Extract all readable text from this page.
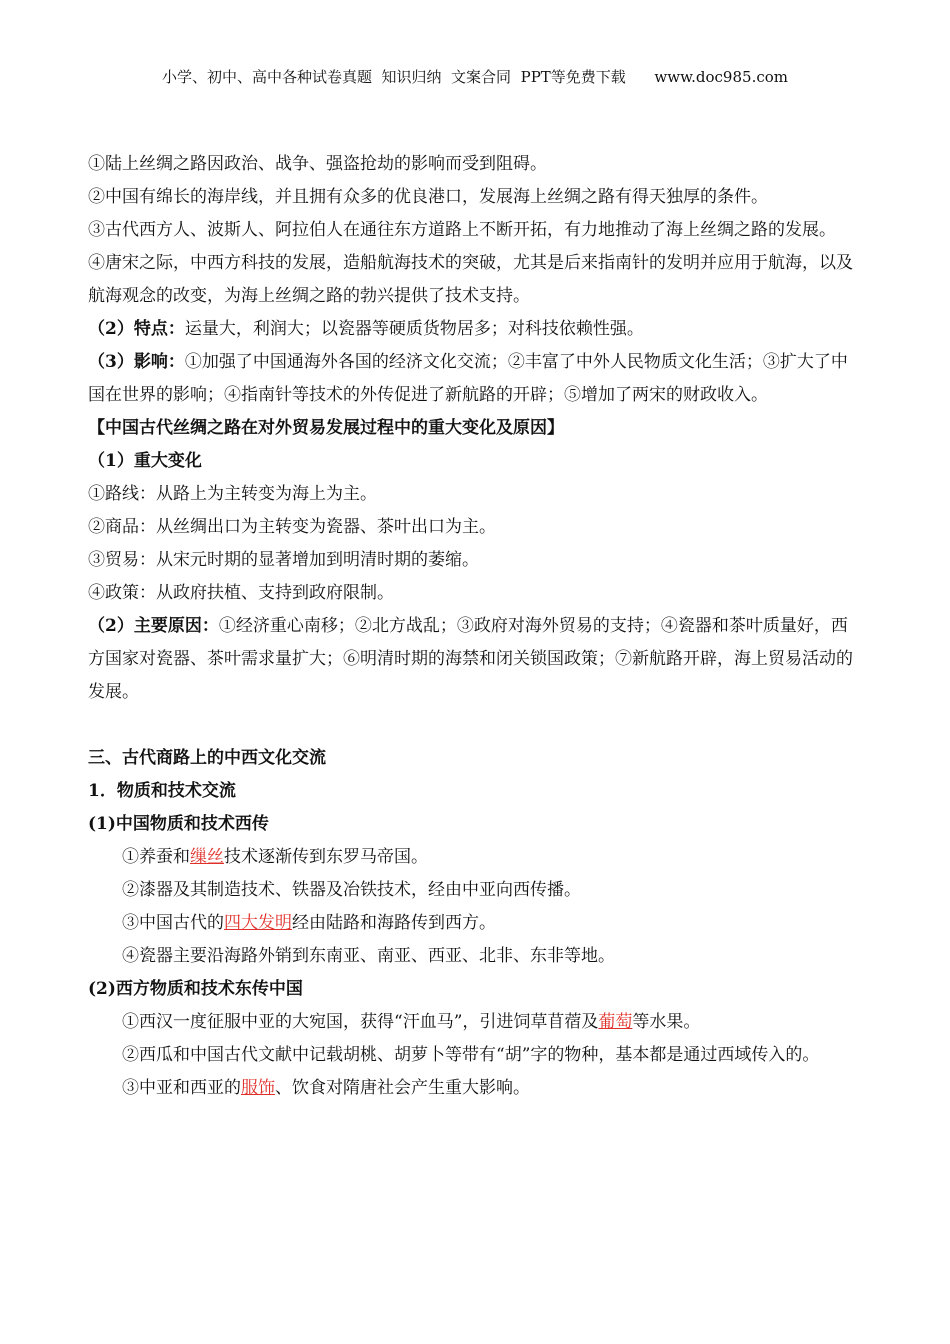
小学、初中、高中各种试卷真题  知识归纳  文案合同  PPT等免费下载      www.doc985.com

①陆上丝绸之路因政治、战争、强盗抢劫的影响而受到阻碍。

②中国有绵长的海岸线，并且拥有众多的优良港口，发展海上丝绸之路有得天独厚的条件。

③古代西方人、波斯人、阿拉伯人在通往东方道路上不断开拓，有力地推动了海上丝绸之路的发展。

④唐宋之际，中西方科技的发展，造船航海技术的突破，尤其是后来指南针的发明并应用于航海，以及航海观念的改变，为海上丝绸之路的勃兴提供了技术支持。

（2）特点：运量大，利润大；以瓷器等硬质货物居多；对科技依赖性强。

（3）影响：①加强了中国通海外各国的经济文化交流；②丰富了中外人民物质文化生活；③扩大了中国在世界的影响；④指南针等技术的外传促进了新航路的开辟；⑤增加了两宋的财政收入。

【中国古代丝绸之路在对外贸易发展过程中的重大变化及原因】

（1）重大变化

①路线：从路上为主转变为海上为主。

②商品：从丝绸出口为主转变为瓷器、茶叶出口为主。

③贸易：从宋元时期的显著增加到明清时期的萎缩。

④政策：从政府扶植、支持到政府限制。

（2）主要原因：①经济重心南移；②北方战乱；③政府对海外贸易的支持；④瓷器和茶叶质量好，西方国家对瓷器、茶叶需求量扩大；⑥明清时期的海禁和闭关锁国政策；⑦新航路开辟，海上贸易活动的发展。

三、古代商路上的中西文化交流

1．物质和技术交流

(1)中国物质和技术西传

①养蚕和缫丝技术逐渐传到东罗马帝国。

②漆器及其制造技术、铁器及冶铁技术，经由中亚向西传播。

③中国古代的四大发明经由陆路和海路传到西方。

④瓷器主要沿海路外销到东南亚、南亚、西亚、北非、东非等地。

(2)西方物质和技术东传中国

①西汉一度征服中亚的大宛国，获得“汗血马”，引进饲草苜蓿及葡萄等水果。

②西瓜和中国古代文献中记载胡桃、胡萝卜等带有“胡”字的物种，基本都是通过西域传入的。

③中亚和西亚的服饰、饮食对隋唐社会产生重大影响。
